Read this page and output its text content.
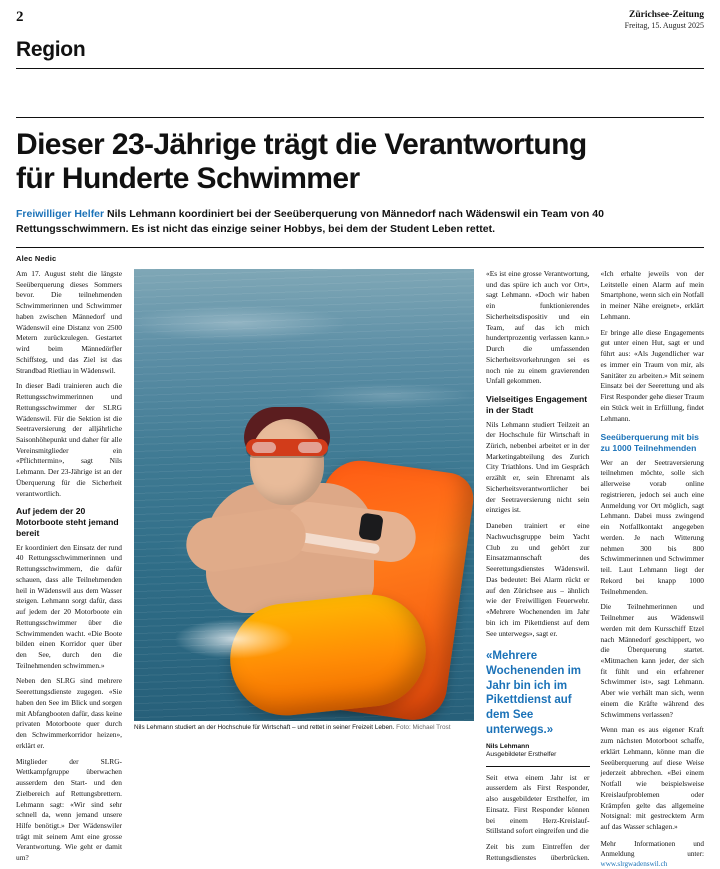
2	Zürichsee-Zeitung
Freitag, 15. August 2025
Region
Dieser 23-Jährige trägt die Verantwortung
für Hunderte Schwimmer
Freiwilliger Helfer Nils Lehmann koordiniert bei der Seeüberquerung von Männedorf nach Wädenswil ein Team von 40 Rettungsschwimmern. Es ist nicht das einzige seiner Hobbys, bei dem der Student Leben rettet.
Alec Nedic

Am 17. August steht die längste Seeüberquerung dieses Sommers bevor. Die teilnehmenden Schwimmerinnen und Schwimmer haben zwischen Männedorf und Wädenswil eine Distanz von 2500 Metern zurückzulegen. Gestartet wird beim Männedörfler Schiffsteg, und das Ziel ist das Strandbad Rietliau in Wädenswil.

In dieser Badi trainieren auch die Rettungsschwimmerinnen und Rettungsschwimmer der SLRG Wädenswil. Für die Sektion ist die Seetraversierung der alljährliche Saisonhöhepunkt und daher für alle Vereinsmitglieder ein «Pflichttermin», sagt Nils Lehmann. Der 23-Jährige ist an der Überquerung für die Sicherheit verantwortlich.

Auf jedem der 20 Motorboote steht jemand bereit

Er koordiniert den Einsatz der rund 40 Rettungsschwimmerinnen und Rettungsschwimmern, die dafür schauen, dass alle Teilnehmenden heil in Wädenswil aus dem Wasser steigen. Lehmann sorgt dafür, dass auf jedem der 20 Motorboote ein Rettungsschwimmer über die Schwimmenden wacht. «Die Boote bilden einen Korridor quer über den See, durch den die Teilnehmenden schwimmen.»

Neben den SLRG sind mehrere Seerettungsdienste zugegen. «Sie haben den See im Blick und sorgen mit Abfangbooten dafür, dass keine privaten Motorboote quer durch den Schwimmerkorridor heizen», erklärt er.

Mitglieder der SLRG-Wettkampfgruppe überwachen ausserdem den Start- und den Zielbereich auf Rettungsbrettern. Lehmann sagt: «Wir sind sehr schnell da, wenn jemand unsere Hilfe benötigt.» Der Wädenswiler trägt mit seinem Amt eine grosse Verantwortung. Wie geht er damit um?

Nils Lehmann studiert an der Hochschule für Wirtschaft – und rettet in seiner Freizeit Leben. Foto: Michael Trost

«Es ist eine grosse Verantwortung, und das spüre ich auch vor Ort», sagt Lehmann. «Doch wir haben ein funktionierendes Sicherheitsdispositiv und ein Team, auf das ich mich hundertprozentig verlassen kann.» Durch die umfassenden Sicherheitsvorkehrungen sei es noch nie zu einem gravierenden Unfall gekommen.

Vielseitiges Engagement in der Stadt

Nils Lehmann studiert Teilzeit an der Hochschule für Wirtschaft in Zürich, nebenbei arbeitet er in der Marketingabteilung des Zurich City Triathlons. Und im Gespräch erzählt er, sein Ehrenamt als Sicherheitsverantwortlicher bei der Seetraversierung nicht sein einziges ist.

Daneben trainiert er eine Nachwuchsgruppe beim Yacht Club zu und gehört zur Einsatzmannschaft des Seerettungsdienstes Wädenswil. Das bedeutet: Bei Alarm rückt er auf den Zürichsee aus – ähnlich wie der Freiwilligen Feuerwehr. «Mehrere Wochenenden im Jahr bin ich im Pikettdienst auf dem See unterwegs», sagt er.

«Mehrere Wochenenden im Jahr bin ich im Pikettdienst auf dem See unterwegs.»
Nils Lehmann
Ausgebildeter Ersthelfer

Seit etwa einem Jahr ist er ausserdem als First Responder, also ausgebildeter Ersthelfer, im Einsatz. First Responder können bei einem Herz-Kreislauf-Stillstand sofort eingreifen und die

Zeit bis zum Eintreffen der Rettungsdienstes überbrücken. «Ich erhalte jeweils von der Leitstelle einen Alarm auf mein Smartphone, wenn sich ein Notfall in meiner Nähe ereignet», erklärt Lehmann.

Er bringe alle diese Engagements gut unter einen Hut, sagt er und führt aus: «Als Jugendlicher war es immer ein Traum von mir, als Sanitäter zu arbeiten.» Mit seinem Einsatz bei der Seerettung und als First Responder gehe dieser Traum ein Stück weit in Erfüllung, findet Lehmann.

Seeüberquerung mit bis zu 1000 Teilnehmenden

Wer an der Seetraversierung teilnehmen möchte, solle sich allerweise vorab online registrieren, jedoch sei auch eine Anmeldung vor Ort möglich, sagt Lehmann. Dabei muss zwingend ein Notfallkontakt angegeben werden. Je nach Witterung nehmen 300 bis 800 Schwimmerinnen und Schwimmer teil. Laut Lehmann liegt der Rekord bei knapp 1000 Teilnehmenden.

Die Teilnehmerinnen und Teilnehmer aus Wädenswil werden mit dem Kursschiff Etzel nach Männedorf geschippert, wo die Überquerung startet. «Mitmachen kann jeder, der sich fit fühlt und ein erfahrener Schwimmer ist», sagt Lehmann. Aber wie verhält man sich, wenn einem die Kräfte während des Schwimmens verlassen?

Wenn man es aus eigener Kraft zum nächsten Motorboot schaffe, erklärt Lehmann, könne man die Seeüberquerung auf diese Weise jederzeit abbrechen. «Bei einem Notfall wie beispielsweise Kreislaufproblemen oder Krämpfen gelte das allgemeine Notsignal: mit gestrecktem Arm auf das Wasser schlagen.»

Mehr Informationen und Anmeldung unter: www.slrgwadenswil.ch
